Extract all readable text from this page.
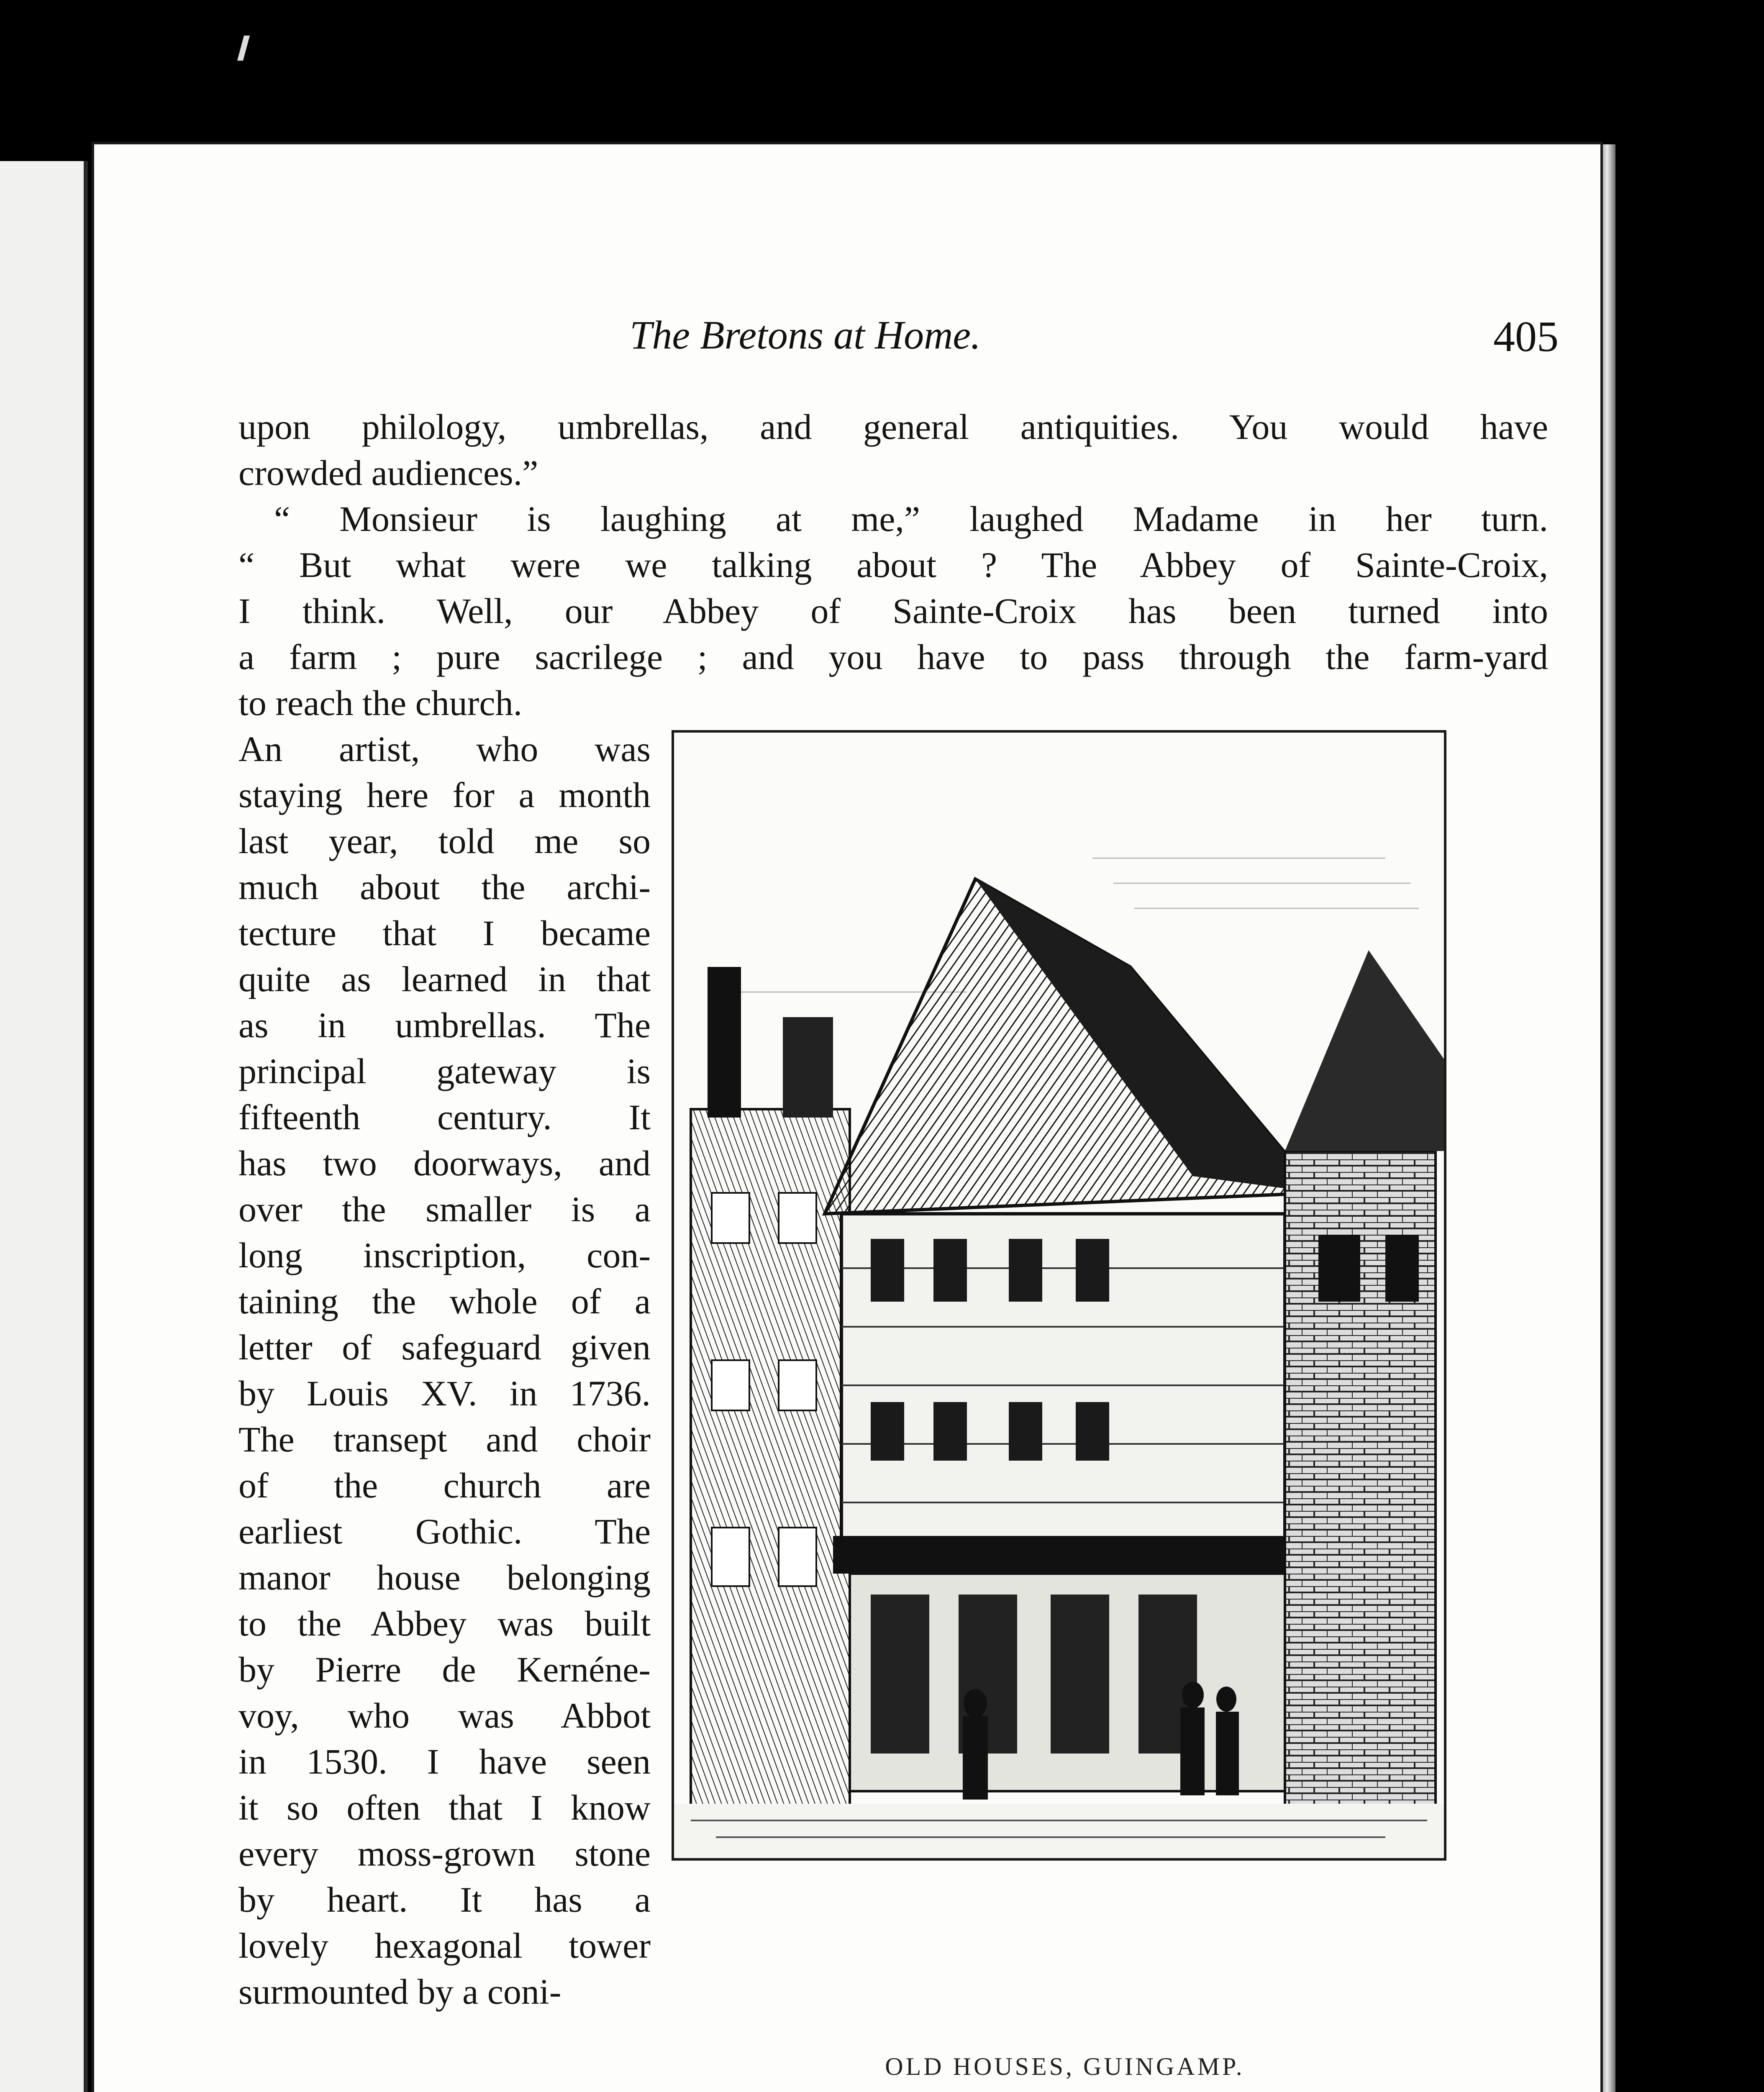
The Bretons at Home.	405
upon philology, umbrellas, and general antiquities. You would have
crowded audiences.”
“ Monsieur is laughing at me,” laughed Madame in her turn.
“ But what were we talking about ? The Abbey of Sainte-Croix,
I think. Well, our Abbey of Sainte-Croix has been turned into
a farm ; pure sacrilege ; and you have to pass through the farm-yard
to reach the church.
An artist, who was
staying here for a month
last year, told me so
much about the archi-
tecture that I became
quite as learned in that
as in umbrellas. The
principal gateway is
fifteenth century. It
has two doorways, and
over the smaller is a
long inscription, con-
taining the whole of a
letter of safeguard given
by Louis XV. in 1736.
The transept and choir
of the church are
earliest Gothic. The
manor house belonging
to the Abbey was built
by Pierre de Kernéne-
voy, who was Abbot
in 1530. I have seen
it so often that I know
every moss-grown stone
by heart. It has a
lovely hexagonal tower
surmounted by a coni-
OLD HOUSES, GUINGAMP.
